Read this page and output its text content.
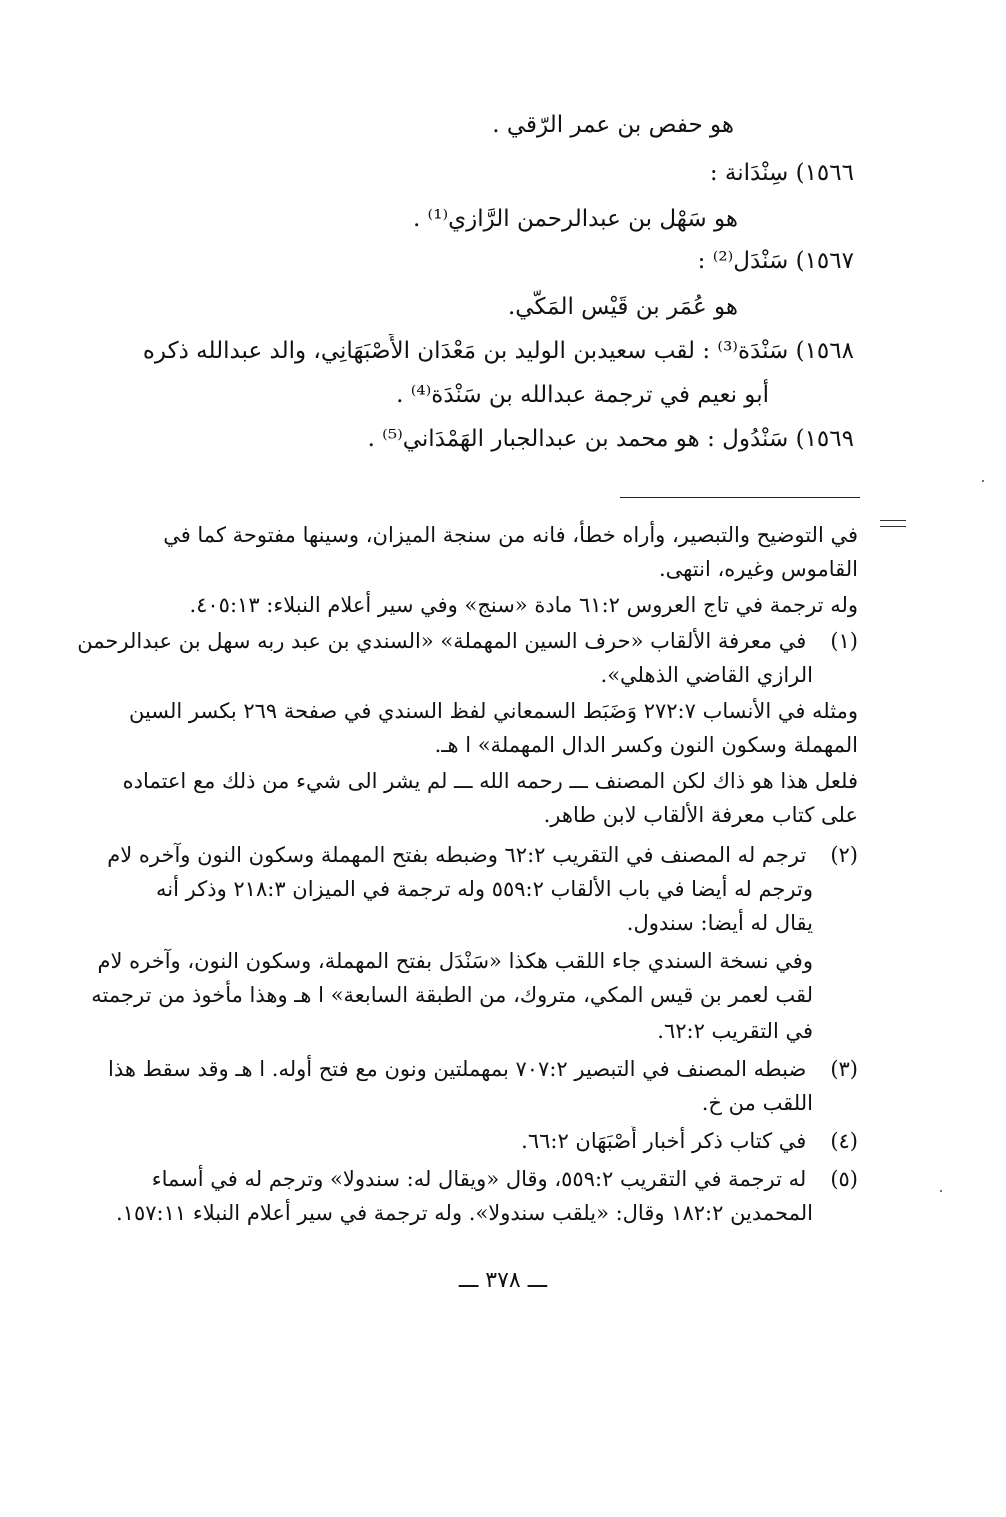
هو حفص بن عمر الرّقي .
١٥٦٦) سِنْدَانة :
هو سَهْل بن عبدالرحمن الرَّازي⁽¹⁾ .
١٥٦٧) سَنْدَل⁽²⁾ :
هو عُمَر بن قَيْس المَكّي.
١٥٦٨) سَنْدَة⁽³⁾ : لقب سعيدبن الوليد بن مَعْدَان الأَصْبَهَانِي، والد عبدالله ذكره
أبو نعيم في ترجمة عبدالله بن سَنْدَة⁽⁴⁾ .
١٥٦٩) سَنْدُول : هو محمد بن عبدالجبار الهَمْدَاني⁽⁵⁾ .
في التوضيح والتبصير، وأراه خطأ، فانه من سنجة الميزان، وسينها مفتوحة كما في
القاموس وغيره، انتهى.
وله ترجمة في تاج العروس ٦١:٢ مادة «سنج» وفي سير أعلام النبلاء: ٤٠٥:١٣.
(١) في معرفة الألقاب «حرف السين المهملة» «السندي بن عبد ربه سهل بن عبدالرحمن
الرازي القاضي الذهلي».
ومثله في الأنساب ٢٧٢:٧ وَضَبَط السمعاني لفظ السندي في صفحة ٢٦٩ بكسر السين
المهملة وسكون النون وكسر الدال المهملة» ا هـ.
فلعل هذا هو ذاك لكن المصنف ـــ رحمه الله ـــ لم يشر الى شيء من ذلك مع اعتماده
على كتاب معرفة الألقاب لابن طاهر.
(٢) ترجم له المصنف في التقريب ٦٢:٢ وضبطه بفتح المهملة وسكون النون وآخره لام
وترجم له أيضا في باب الألقاب ٥٥٩:٢ وله ترجمة في الميزان ٢١٨:٣ وذكر أنه
يقال له أيضا: سندول.
وفي نسخة السندي جاء اللقب هكذا «سَنْدَل بفتح المهملة، وسكون النون، وآخره لام
لقب لعمر بن قيس المكي، متروك، من الطبقة السابعة» ا هـ وهذا مأخوذ من ترجمته
في التقريب ٦٢:٢.
(٣) ضبطه المصنف في التبصير ٧٠٧:٢ بمهملتين ونون مع فتح أوله. ا هـ وقد سقط هذا
اللقب من خ.
(٤) في كتاب ذكر أخبار أَصْبَهَان ٦٦:٢.
(٥) له ترجمة في التقريب ٥٥٩:٢، وقال «ويقال له: سندولا» وترجم له في أسماء
المحمدين ١٨٢:٢ وقال: «يلقب سندولا». وله ترجمة في سير أعلام النبلاء ١٥٧:١١.
ـــ ٣٧٨ ـــ
